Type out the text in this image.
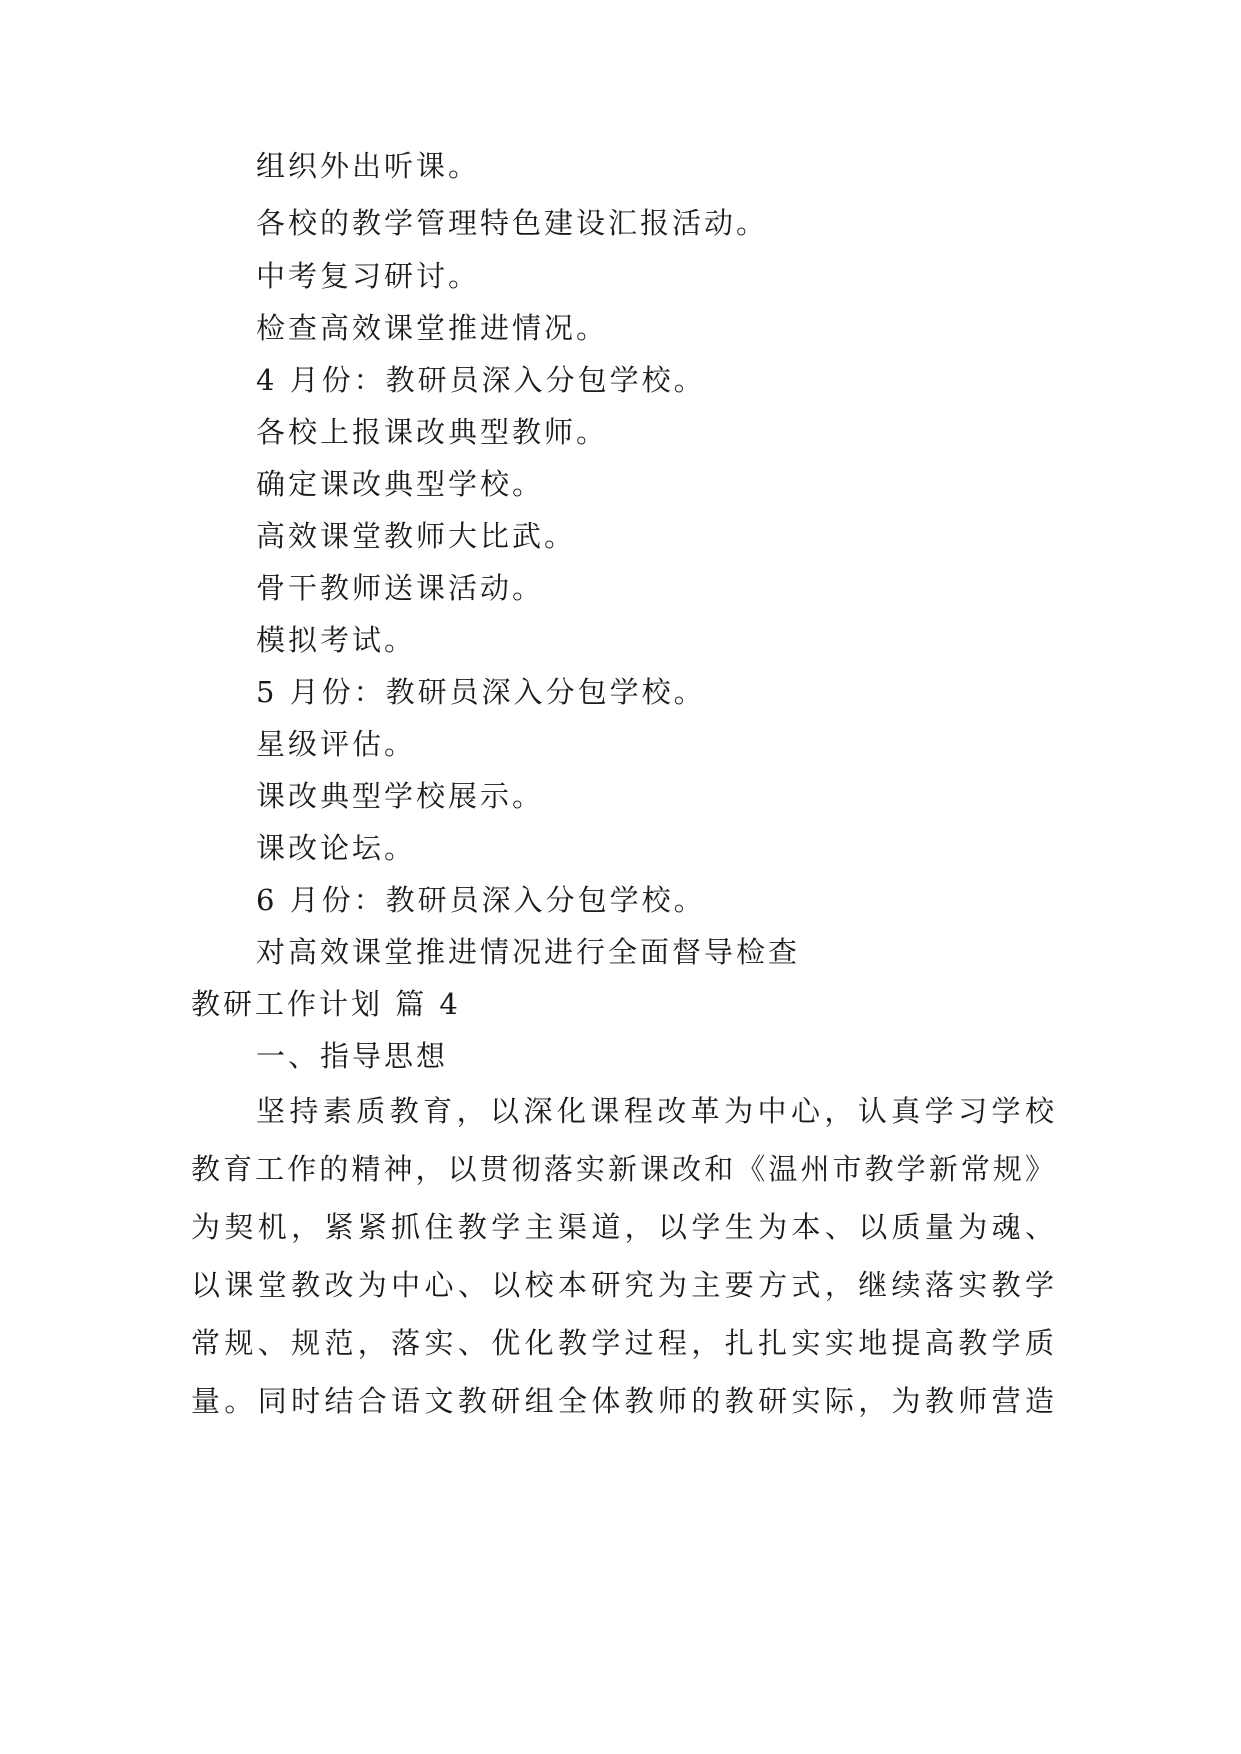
组织外出听课。
各校的教学管理特色建设汇报活动。
中考复习研讨。
检查高效课堂推进情况。
4 月份：教研员深入分包学校。
各校上报课改典型教师。
确定课改典型学校。
高效课堂教师大比武。
骨干教师送课活动。
模拟考试。
5 月份：教研员深入分包学校。
星级评估。
课改典型学校展示。
课改论坛。
6 月份：教研员深入分包学校。
对高效课堂推进情况进行全面督导检查
教研工作计划 篇 4
一、指导思想
坚持素质教育，以深化课程改革为中心，认真学习学校
教育工作的精神，以贯彻落实新课改和《温州市教学新常规》
为契机，紧紧抓住教学主渠道，以学生为本、以质量为魂、
以课堂教改为中心、以校本研究为主要方式，继续落实教学
常规、规范，落实、优化教学过程，扎扎实实地提高教学质
量。同时结合语文教研组全体教师的教研实际，为教师营造
